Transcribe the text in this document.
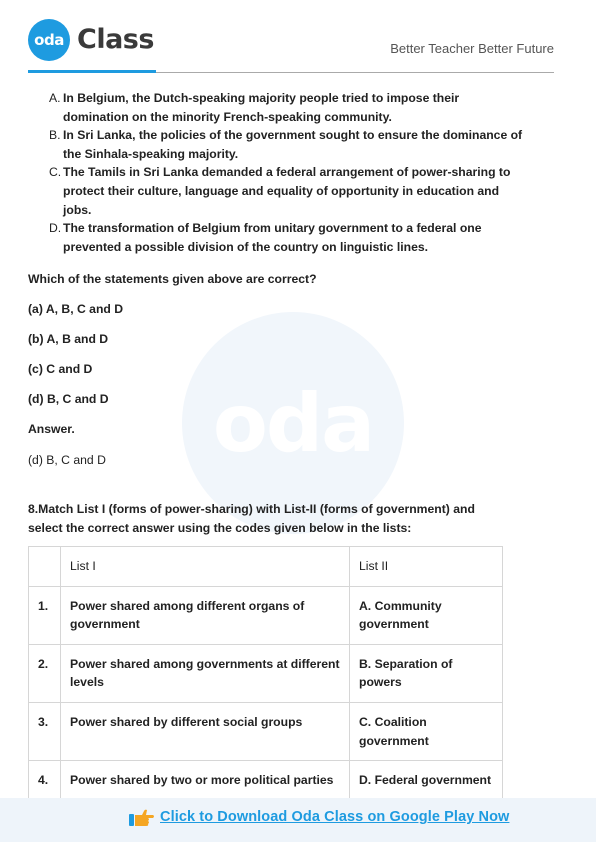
oda Class	Better Teacher Better Future
oda
A. In Belgium, the Dutch-speaking majority people tried to impose their domination on the minority French-speaking community.
B. In Sri Lanka, the policies of the government sought to ensure the dominance of the Sinhala-speaking majority.
C. The Tamils in Sri Lanka demanded a federal arrangement of power-sharing to protect their culture, language and equality of opportunity in education and jobs.
D. The transformation of Belgium from unitary government to a federal one prevented a possible division of the country on linguistic lines.
Which of the statements given above are correct?
(a) A, B, C and D
(b) A, B and D
(c) C and D
(d) B, C and D
Answer.
(d) B, C and D
8.Match List I (forms of power-sharing) with List-II (forms of government) and select the correct answer using the codes given below in the lists:
	List I	List II
1.	Power shared among different organs of government	A. Community government
2.	Power shared among governments at different levels	B. Separation of powers
3.	Power shared by different social groups	C. Coalition government
4.	Power shared by two or more political parties	D. Federal government
Click to Download Oda Class on Google Play Now
